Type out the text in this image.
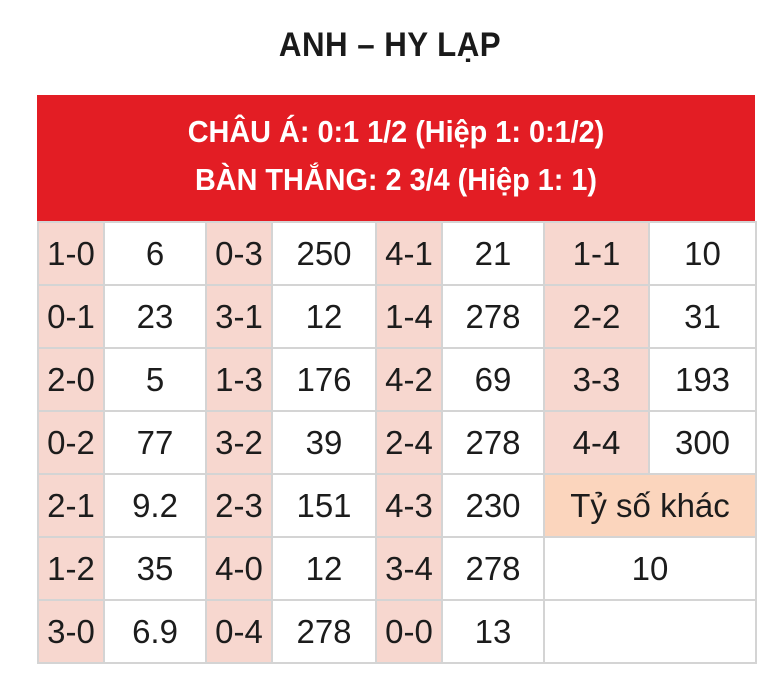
ANH – HY LẠP
CHÂU Á: 0:1 1/2 (Hiệp 1: 0:1/2)
BÀN THẮNG: 2 3/4 (Hiệp 1: 1)
1-0	6	0-3	250	4-1	21	1-1	10
0-1	23	3-1	12	1-4	278	2-2	31
2-0	5	1-3	176	4-2	69	3-3	193
0-2	77	3-2	39	2-4	278	4-4	300
2-1	9.2	2-3	151	4-3	230	Tỷ số khác	
1-2	35	4-0	12	3-4	278	10	
3-0	6.9	0-4	278	0-0	13		
